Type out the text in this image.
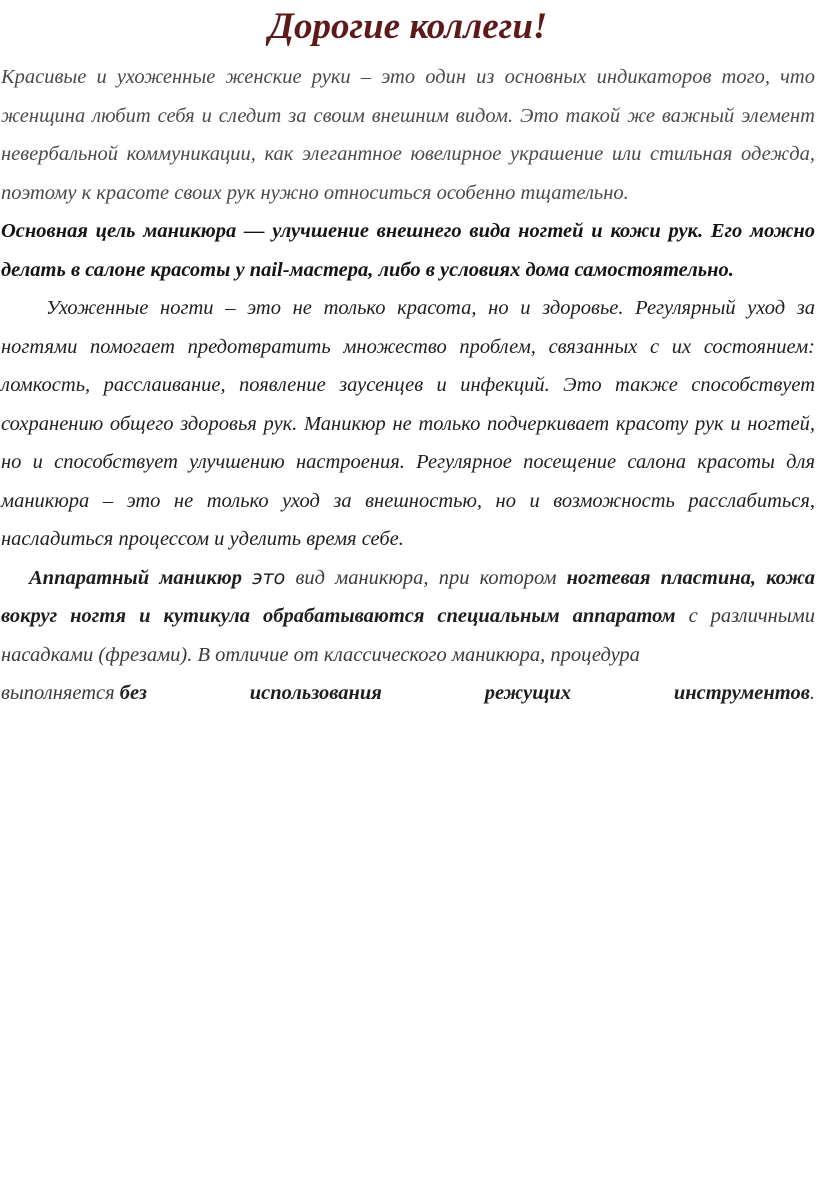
Дорогие коллеги!

Красивые и ухоженные женские руки – это один из основных индикаторов того, что женщина любит себя и следит за своим внешним видом. Это такой же важный элемент невербальной коммуникации, как элегантное ювелирное украшение или стильная одежда, поэтому к красоте своих рук нужно относиться особенно тщательно.

Основная цель маникюра — улучшение внешнего вида ногтей и кожи рук. Его можно делать в салоне красоты у nail-мастера, либо в условиях дома самостоятельно.

Ухоженные ногти – это не только красота, но и здоровье. Регулярный уход за ногтями помогает предотвратить множество проблем, связанных с их состоянием: ломкость, расслаивание, появление заусенцев и инфекций. Это также способствует сохранению общего здоровья рук. Маникюр не только подчеркивает красоту рук и ногтей, но и способствует улучшению настроения. Регулярное посещение салона красоты для маникюра – это не только уход за внешностью, но и возможность расслабиться, насладиться процессом и уделить время себе.

Аппаратный маникюр это вид маникюра, при котором ногтевая пластина, кожа вокруг ногтя и кутикула обрабатываются специальным аппаратом с различными насадками (фрезами). В отличие от классического маникюра, процедура

выполняется без	использования	режущих	инструментов.
